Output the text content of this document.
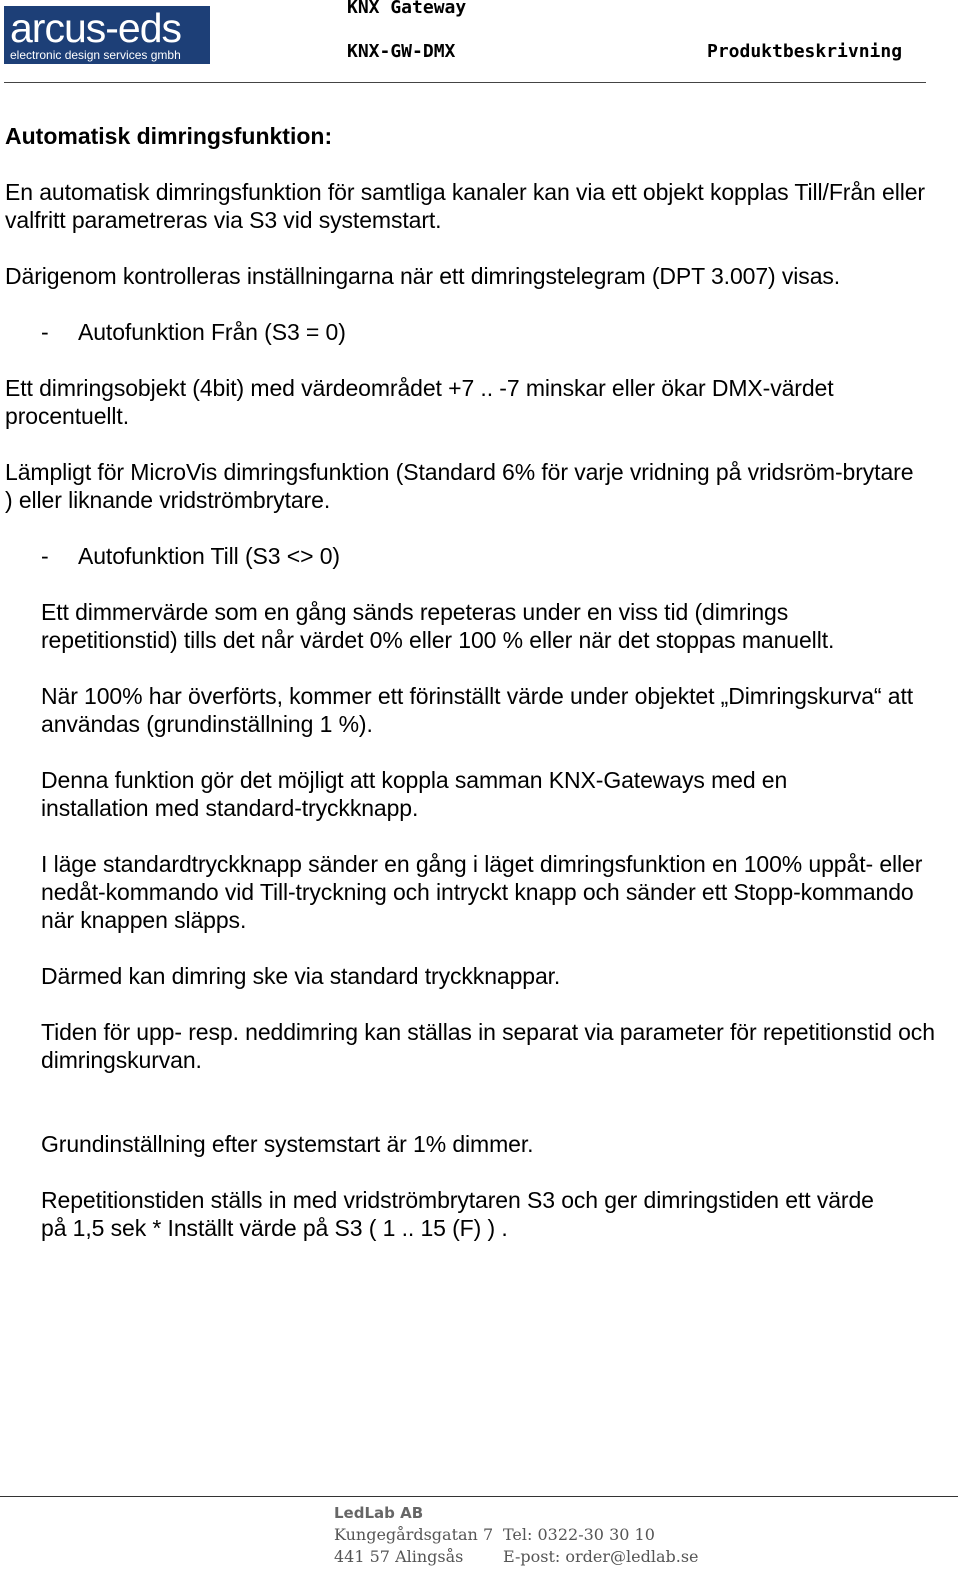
arcus-eds
electronic design services gmbh
KNX Gateway
KNX-GW-DMX	Produktbeskrivning
Automatisk dimringsfunktion:

En automatisk dimringsfunktion för samtliga kanaler kan via ett objekt kopplas Till/Från eller valfritt parametreras via S3 vid systemstart.

Därigenom kontrolleras inställningarna när ett dimringstelegram (DPT 3.007) visas.

- Autofunktion Från (S3 = 0)

Ett dimringsobjekt (4bit) med värdeområdet +7 .. -7 minskar eller ökar DMX-värdet procentuellt.

Lämpligt för MicroVis dimringsfunktion (Standard 6% för varje vridning på vridsröm-brytare ) eller liknande vridströmbrytare.

- Autofunktion Till (S3 <> 0)

Ett dimmervärde som en gång sänds repeteras under en viss tid (dimrings repetitionstid) tills det når värdet 0% eller 100 % eller när det stoppas manuellt.

När 100% har överförts, kommer ett förinställt värde under objektet „Dimringskurva“ att användas (grundinställning 1 %).

Denna funktion gör det möjligt att koppla samman KNX-Gateways med en installation med standard-tryckknapp.

I läge standardtryckknapp sänder en gång i läget dimringsfunktion en 100% uppåt- eller nedåt-kommando vid Till-tryckning och intryckt knapp och sänder ett Stopp-kommando när knappen släpps.

Därmed kan dimring ske via standard tryckknappar.

Tiden för upp- resp. neddimring kan ställas in separat via parameter för repetitionstid och dimringskurvan.

Grundinställning efter systemstart är 1% dimmer.

Repetitionstiden ställs in med vridströmbrytaren S3 och ger dimringstiden ett värde på 1,5 sek * Inställt värde på S3 ( 1 .. 15 (F) ) .

LedLab AB
Kungegårdsgatan 7
441 57 Alingsås
Tel: 0322-30 30 10
E-post: order@ledlab.se
